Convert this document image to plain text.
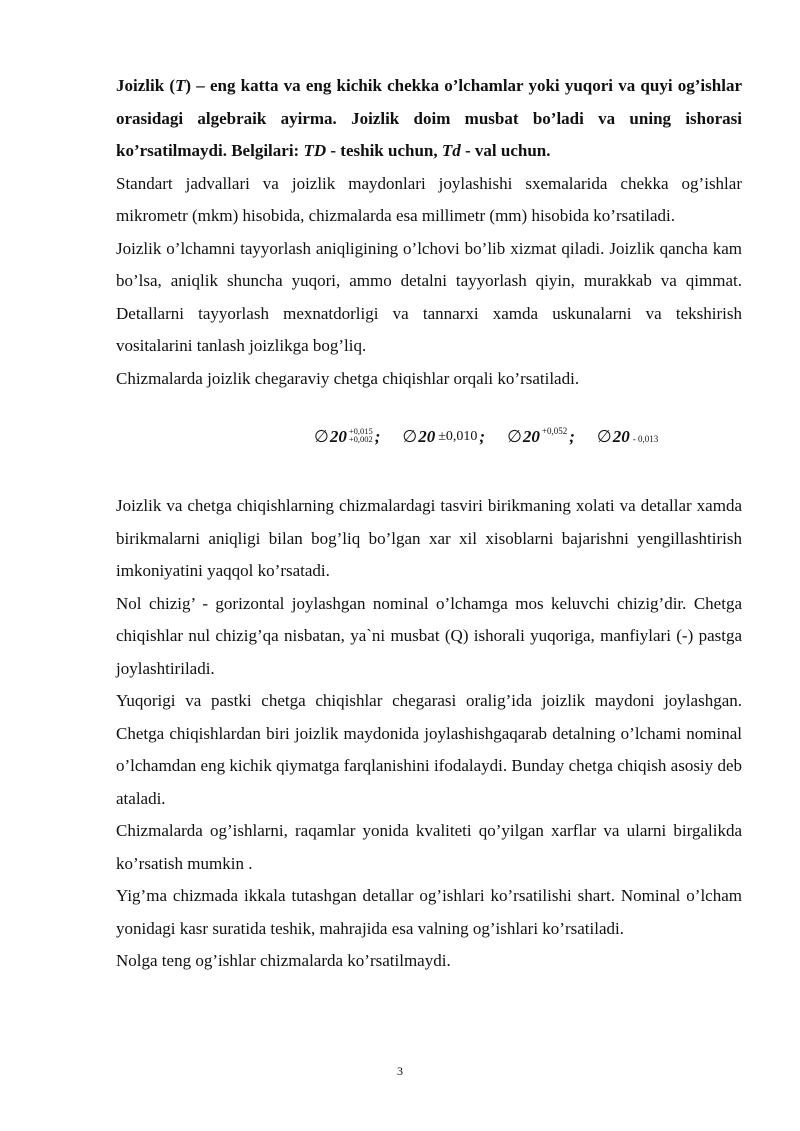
Joizlik (T) – eng katta va eng kichik chekka o’lchamlar yoki yuqori va quyi og’ishlar orasidagi algebraik ayirma. Joizlik doim musbat bo’ladi va uning ishorasi ko’rsatilmaydi. Belgilari: TD - teshik uchun, Td - val uchun.

Standart jadvallari va joizlik maydonlari joylashishi sxemalarida chekka og’ishlar mikrometr (mkm) hisobida, chizmalarda esa millimetr (mm) hisobida ko’rsatiladi.

Joizlik o’lchamni tayyorlash aniqligining o’lchovi bo’lib xizmat qiladi. Joizlik qancha kam bo’lsa, aniqlik shuncha yuqori, ammo detalni tayyorlash qiyin, murakkab va qimmat. Detallarni tayyorlash mexnatdorligi va tannarxi xamda uskunalarni va tekshirish vositalarini tanlash joizlikga bog’liq.

Chizmalarda joizlik chegaraviy chetga chiqishlar orqali ko’rsatiladi.

∅ 20 +0,015
+0,002 ; ∅ 20 ±0,010 ; ∅ 20 +0,052 ; ∅ 20 - 0,013

Joizlik va chetga chiqishlarning chizmalardagi tasviri birikmaning xolati va detallar xamda birikmalarni aniqligi bilan bog’liq bo’lgan xar xil xisoblarni bajarishni yengillashtirish imkoniyatini yaqqol ko’rsatadi.

Nol chizig’ - gorizontal joylashgan nominal o’lchamga mos keluvchi chizig’dir. Chetga chiqishlar nul chizig’qa nisbatan, ya`ni musbat (Q) ishorali yuqoriga, manfiylari (-) pastga joylashtiriladi.

Yuqorigi va pastki chetga chiqishlar chegarasi oralig’ida joizlik maydoni joylashgan. Chetga chiqishlardan biri joizlik maydonida joylashishgaqarab detalning o’lchami nominal o’lchamdan eng kichik qiymatga farqlanishini ifodalaydi. Bunday chetga chiqish asosiy deb ataladi.

Chizmalarda og’ishlarni, raqamlar yonida kvaliteti qo’yilgan xarflar va ularni birgalikda ko’rsatish mumkin .

Yig’ma chizmada ikkala tutashgan detallar og’ishlari ko’rsatilishi shart. Nominal o’lcham yonidagi kasr suratida teshik, mahrajida esa valning og’ishlari ko’rsatiladi.

Nolga teng og’ishlar chizmalarda ko’rsatilmaydi.

3
